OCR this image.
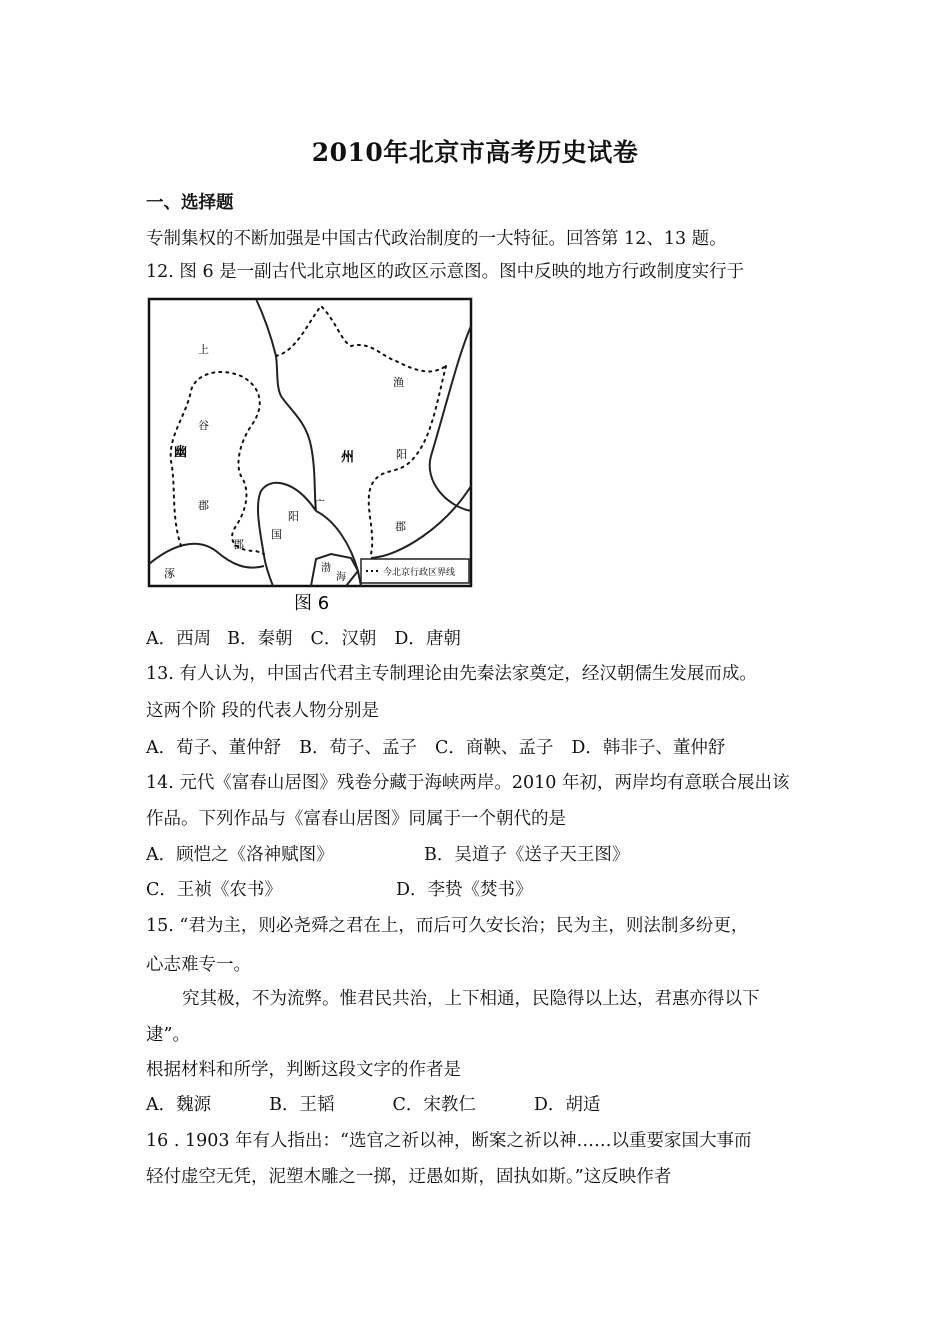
2010年北京市高考历史试卷
一、选择题
专制集权的不断加强是中国古代政治制度的一大特征。回答第 12、13 题。
12. 图 6 是一副古代北京地区的政区示意图。图中反映的地方行政制度实行于
上
谷
幽
郡
州
渔
阳
郡
广
阳
国
郡
渤
海
涿	今北京行政区界线
图 6
A．西周 B．秦朝 C．汉朝 D．唐朝
13. 有人认为，中国古代君主专制理论由先秦法家奠定，经汉朝儒生发展而成。
这两个阶 段的代表人物分别是
A．荀子、董仲舒 B．荀子、孟子 C．商鞅、孟子 D．韩非子、董仲舒
14. 元代《富春山居图》残卷分藏于海峡两岸。2010 年初，两岸均有意联合展出该
作品。下列作品与《富春山居图》同属于一个朝代的是
A．顾恺之《洛神赋图》	B．吴道子《送子天王图》
C．王祯《农书》	D．李贽《焚书》
15. “君为主，则必尧舜之君在上，而后可久安长治；民为主，则法制多纷更，
心志难专一。
究其极，不为流弊。惟君民共治，上下相通，民隐得以上达，君惠亦得以下
逮”。
根据材料和所学，判断这段文字的作者是
A．魏源	B．王韬	C．宋教仁	D．胡适
16 . 1903 年有人指出：“选官之祈以神，断案之祈以神……以重要家国大事而
轻付虚空无凭，泥塑木雕之一掷，迂愚如斯，固执如斯。”这反映作者
